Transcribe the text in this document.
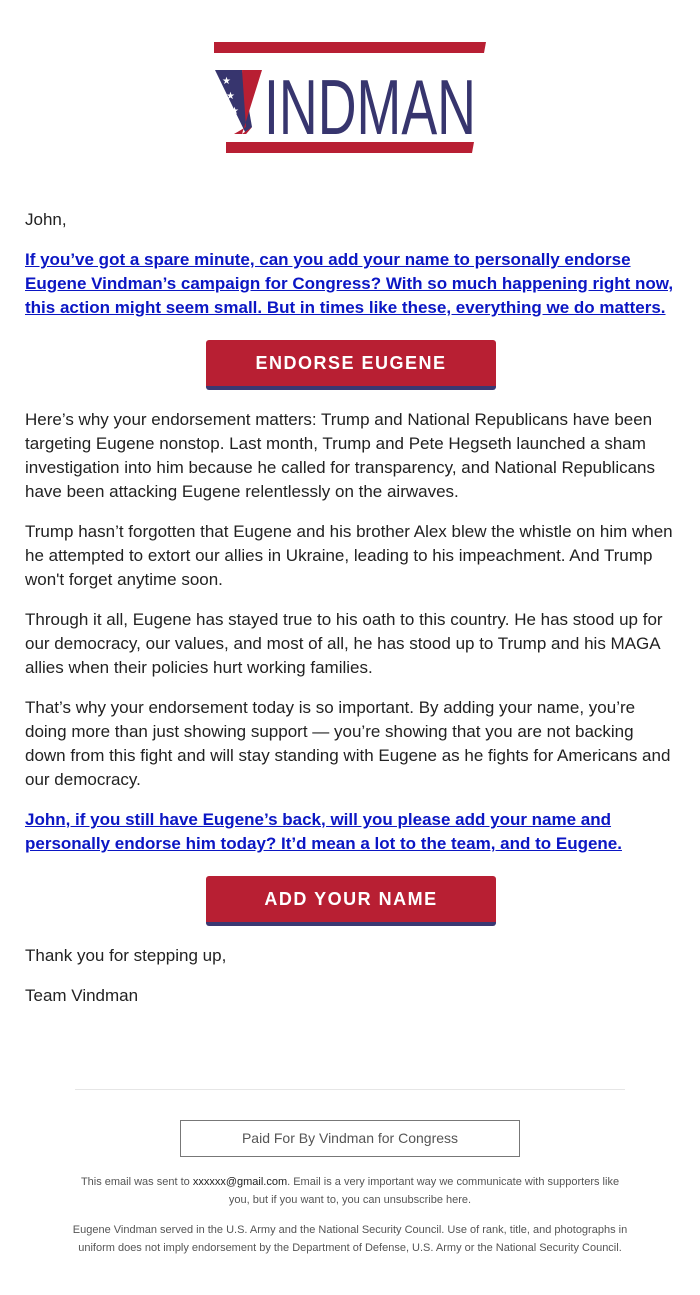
★
★
★ INDMAN

John,

If you’ve got a spare minute, can you add your name to personally endorse Eugene Vindman’s campaign for Congress? With so much happening right now, this action might seem small. But in times like these, everything we do matters.
ENDORSE EUGENE

Here’s why your endorsement matters: Trump and National Republicans have been targeting Eugene nonstop. Last month, Trump and Pete Hegseth launched a sham investigation into him because he called for transparency, and National Republicans have been attacking Eugene relentlessly on the airwaves.

Trump hasn’t forgotten that Eugene and his brother Alex blew the whistle on him when he attempted to extort our allies in Ukraine, leading to his impeachment. And Trump won't forget anytime soon.

Through it all, Eugene has stayed true to his oath to this country. He has stood up for our democracy, our values, and most of all, he has stood up to Trump and his MAGA allies when their policies hurt working families.

That’s why your endorsement today is so important. By adding your name, you’re doing more than just showing support — you’re showing that you are not backing down from this fight and will stay standing with Eugene as he fights for Americans and our democracy.

John, if you still have Eugene’s back, will you please add your name and personally endorse him today? It’d mean a lot to the team, and to Eugene.
ADD YOUR NAME

Thank you for stepping up,

Team Vindman

Paid For By Vindman for Congress
This email was sent to xxxxxx@gmail.com. Email is a very important way we communicate with supporters like you, but if you want to, you can unsubscribe here.
Eugene Vindman served in the U.S. Army and the National Security Council. Use of rank, title, and photographs in uniform does not imply endorsement by the Department of Defense, U.S. Army or the National Security Council.
